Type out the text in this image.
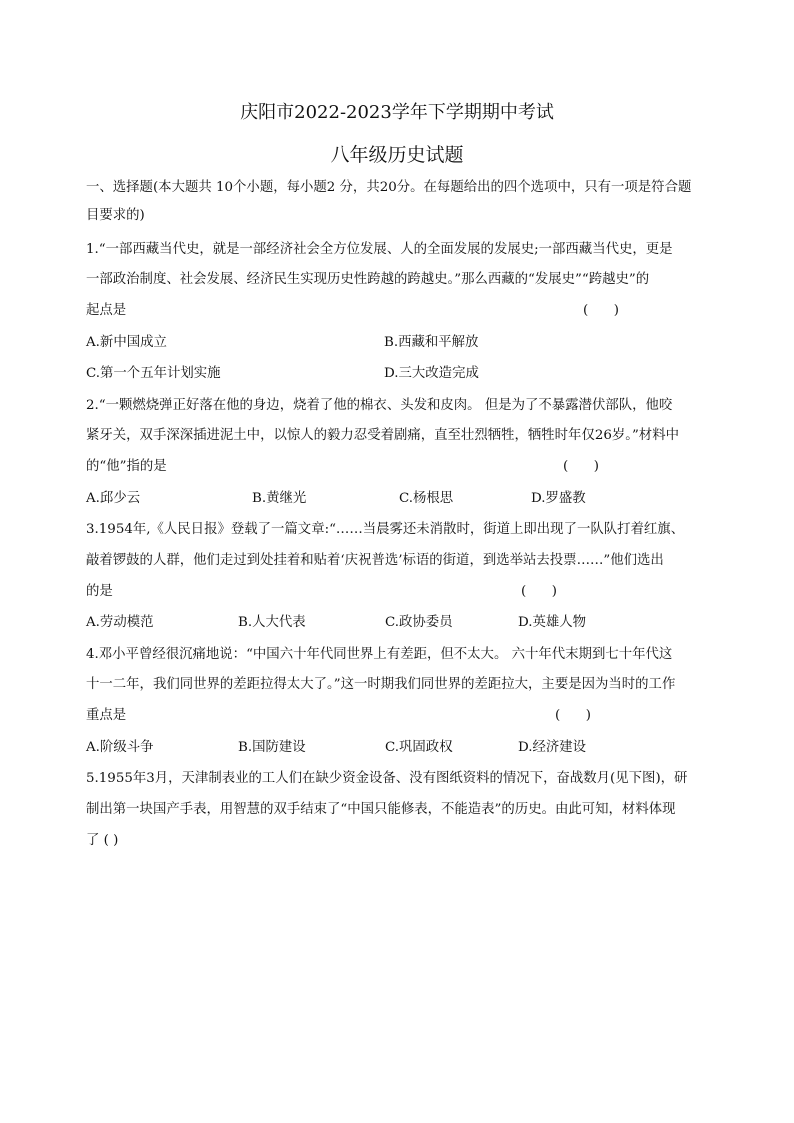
庆阳市2022-2023学年下学期期中考试
八年级历史试题
一、选择题(本大题共 10个小题，每小题2 分，共20分。在每题给出的四个选项中，只有一项是符合题
目要求的)
1.“一部西藏当代史，就是一部经济社会全方位发展、人的全面发展的发展史;一部西藏当代史，更是
一部政治制度、社会发展、经济民生实现历史性跨越的跨越史。”那么西藏的“发展史”“跨越史”的
起点是	(      )
A.新中国成立	B.西藏和平解放
C.第一个五年计划实施	D.三大改造完成
2.“一颗燃烧弹正好落在他的身边，烧着了他的棉衣、头发和皮肉。 但是为了不暴露潜伏部队，他咬
紧牙关，双手深深插进泥土中，以惊人的毅力忍受着剧痛，直至壮烈牺牲，牺牲时年仅26岁。”材料中
的“他”指的是	(      )
A.邱少云	B.黄继光	C.杨根思	D.罗盛教
3.1954年,《人民日报》登载了一篇文章:“……当晨雾还未消散时，街道上即出现了一队队打着红旗、
敲着锣鼓的人群，他们走过到处挂着和贴着‘庆祝普选’标语的街道，到选举站去投票……”他们选出
的是	(      )
A.劳动模范	B.人大代表	C.政协委员	D.英雄人物
4.邓小平曾经很沉痛地说：“中国六十年代同世界上有差距，但不太大。 六十年代末期到七十年代这
十一二年，我们同世界的差距拉得太大了。”这一时期我们同世界的差距拉大，主要是因为当时的工作
重点是	(      )
A.阶级斗争	B.国防建设	C.巩固政权	D.经济建设
5.1955年3月，天津制表业的工人们在缺少资金设备、没有图纸资料的情况下，奋战数月(见下图)，研
制出第一块国产手表，用智慧的双手结束了“中国只能修表，不能造表”的历史。由此可知，材料体现
了 ( )
